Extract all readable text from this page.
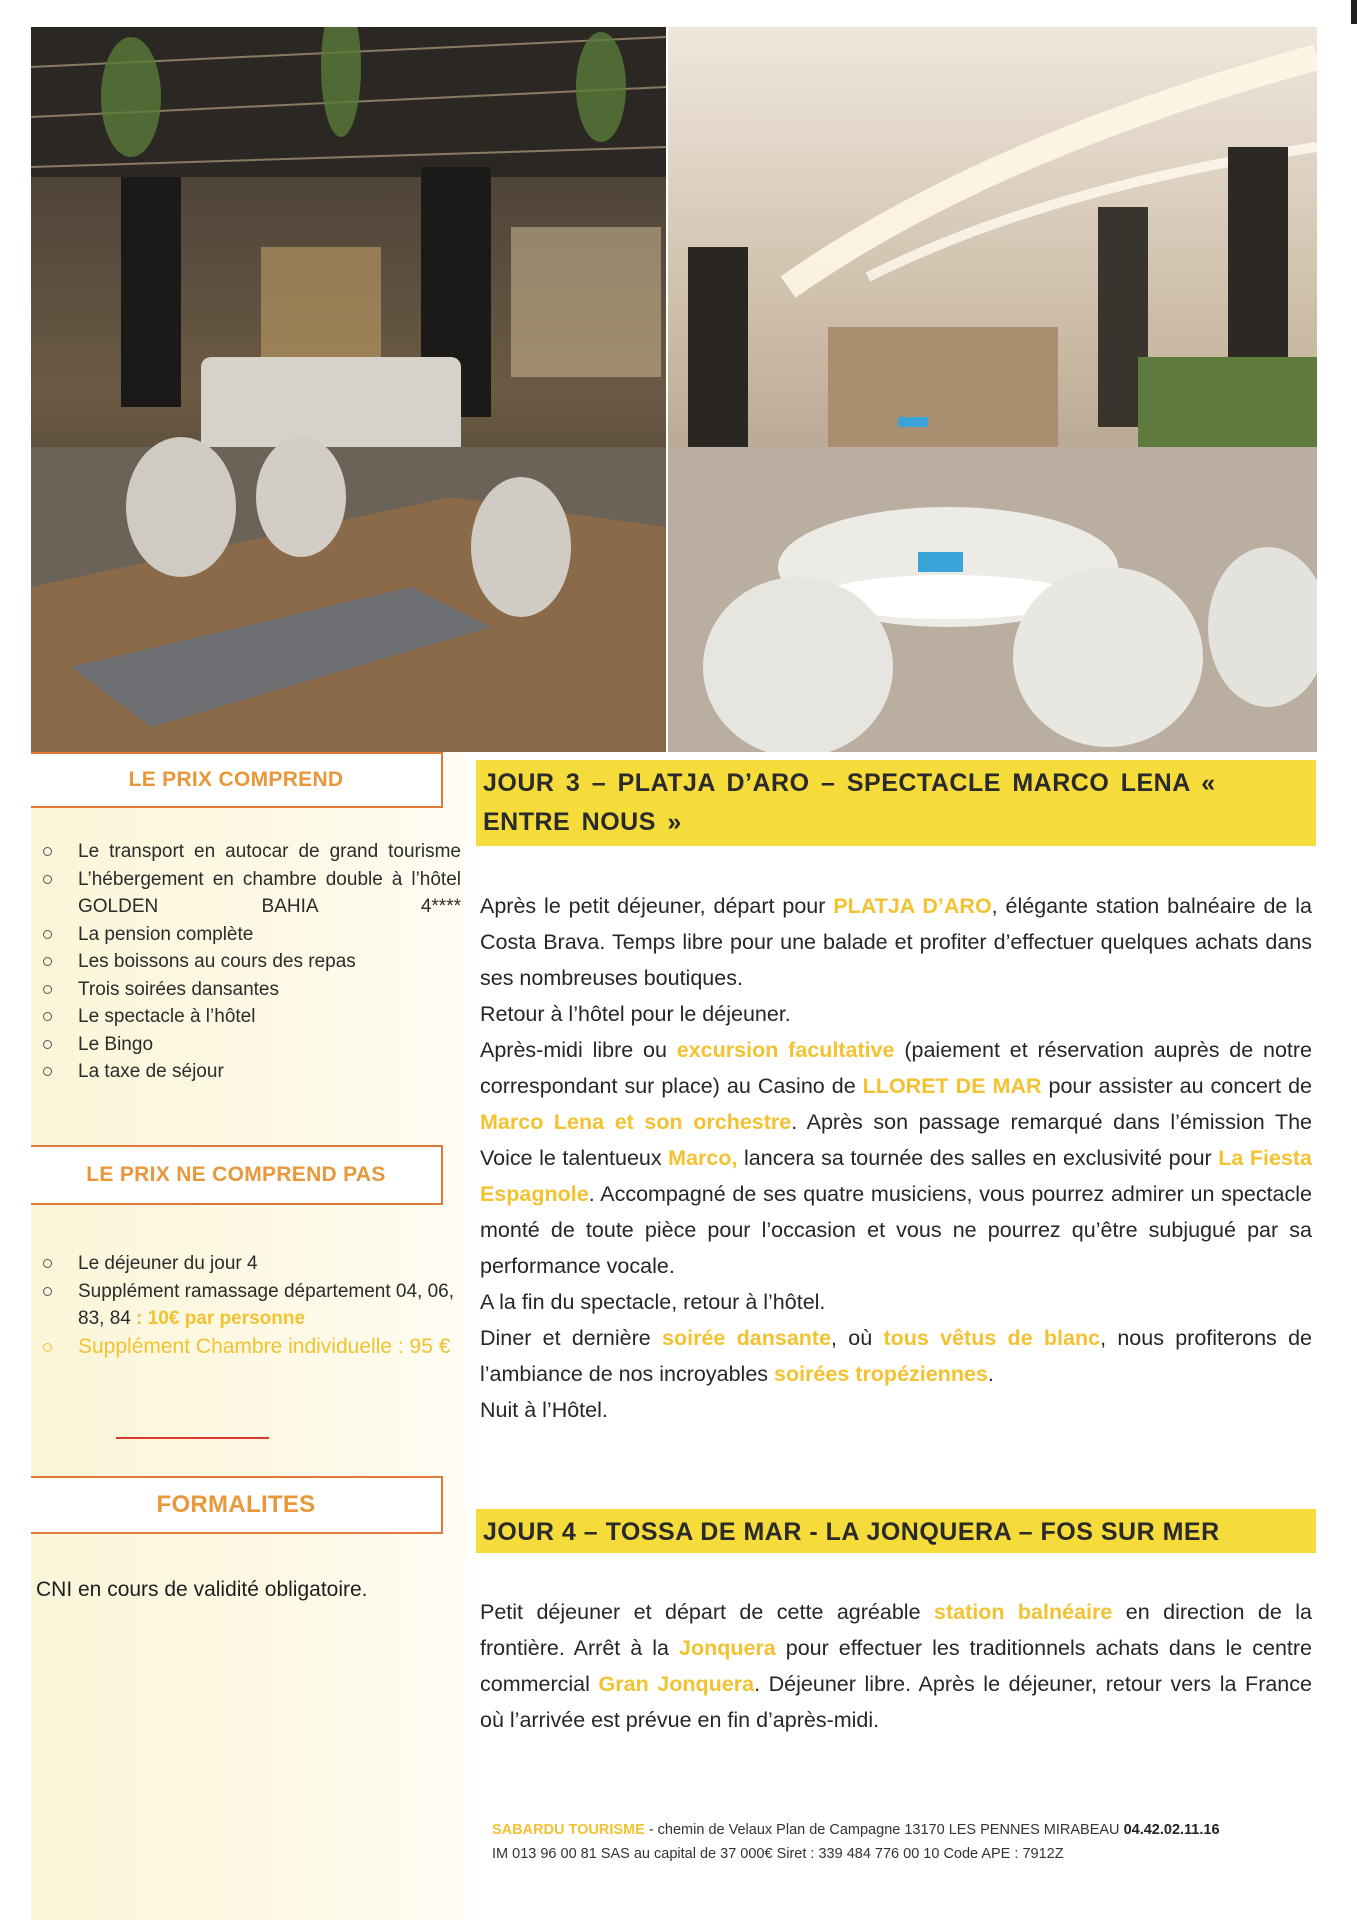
LE PRIX COMPREND
Le transport en autocar de grand tourisme
L’hébergement en chambre double à l’hôtel GOLDEN BAHIA 4****
La pension complète
Les boissons au cours des repas
Trois soirées dansantes
Le spectacle à l’hôtel
Le Bingo
La taxe de séjour
LE PRIX NE COMPREND PAS
Le déjeuner du jour 4
Supplément ramassage département 04, 06, 83, 84 : 10€ par personne
Supplément Chambre individuelle : 95 €
FORMALITES
CNI en cours de validité obligatoire.
JOUR 3 – PLATJA D’ARO – SPECTACLE MARCO LENA « ENTRE NOUS »

Après le petit déjeuner, départ pour PLATJA D’ARO, élégante station balnéaire de la Costa Brava. Temps libre pour une balade et profiter d’effectuer quelques achats dans ses nombreuses boutiques.

Retour à l’hôtel pour le déjeuner.

Après-midi libre ou excursion facultative (paiement et réservation auprès de notre correspondant sur place) au Casino de LLORET DE MAR pour assister au concert de Marco Lena et son orchestre. Après son passage remarqué dans l’émission The Voice le talentueux Marco, lancera sa tournée des salles en exclusivité pour La Fiesta Espagnole. Accompagné de ses quatre musiciens, vous pourrez admirer un spectacle monté de toute pièce pour l’occasion et vous ne pourrez qu’être subjugué par sa performance vocale.

A la fin du spectacle, retour à l’hôtel.

Diner et dernière soirée dansante, où tous vêtus de blanc, nous profiterons de l’ambiance de nos incroyables soirées tropéziennes.

Nuit à l’Hôtel.

JOUR 4 – TOSSA DE MAR - LA JONQUERA – FOS SUR MER

Petit déjeuner et départ de cette agréable station balnéaire en direction de la frontière. Arrêt à la Jonquera pour effectuer les traditionnels achats dans le centre commercial Gran Jonquera. Déjeuner libre. Après le déjeuner, retour vers la France où l’arrivée est prévue en fin d’après-midi.

SABARDU TOURISME - chemin de Velaux Plan de Campagne 13170 LES PENNES MIRABEAU 04.42.02.11.16
IM 013 96 00 81 SAS au capital de 37 000€ Siret : 339 484 776 00 10 Code APE : 7912Z
